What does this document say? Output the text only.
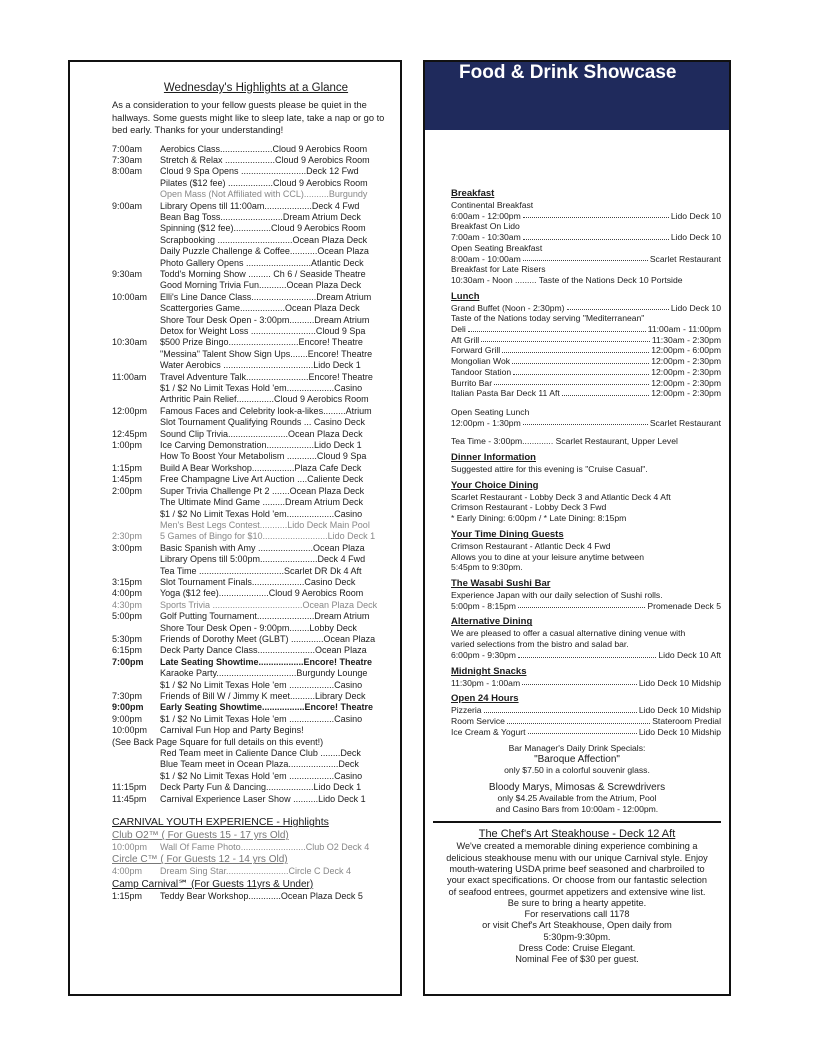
Wednesday's Highlights at a Glance
As a consideration to your fellow guests please be quiet in the hallways. Some guests might like to sleep late, take a nap or go to bed early. Thanks for your understanding!
7:00am	Aerobics Class.....................Cloud 9 Aerobics Room
7:30am	Stretch & Relax ....................Cloud 9 Aerobics Room
8:00am	Cloud 9 Spa Opens ..........................Deck 12 Fwd
Pilates ($12 fee) ..................Cloud 9 Aerobics Room
Open Mass (Not Affiliated with CCL)..........Burgundy
9:00am	Library Opens till 11:00am...................Deck 4 Fwd
Bean Bag Toss.........................Dream Atrium Deck
Spinning ($12 fee)...............Cloud 9 Aerobics Room
Scrapbooking ..............................Ocean Plaza Deck
Daily Puzzle Challenge & Coffee...........Ocean Plaza
Photo Gallery Opens ..........................Atlantic Deck
9:30am	Todd's Morning Show ......... Ch 6 / Seaside Theatre
Good Morning Trivia Fun...........Ocean Plaza Deck
10:00am	Elli's Line Dance Class..........................Dream Atrium
Scattergories Game..................Ocean Plaza Deck
Shore Tour Desk Open - 3:00pm..........Dream Atrium
Detox for Weight Loss ..........................Cloud 9 Spa
10:30am	$500 Prize Bingo............................Encore! Theatre
"Messina" Talent Show Sign Ups.......Encore! Theatre
Water Aerobics ....................................Lido Deck 1
11:00am	Travel Adventure Talk.........................Encore! Theatre
$1 / $2 No Limit Texas Hold 'em...................Casino
Arthritic Pain Relief...............Cloud 9 Aerobics Room
12:00pm	Famous Faces and Celebrity look-a-likes.........Atrium
Slot Tournament Qualifying Rounds ... Casino Deck
12:45pm	Sound Clip Trivia........................Ocean Plaza Deck
1:00pm	Ice Carving Demonstration...................Lido Deck 1
How To Boost Your Metabolism ............Cloud 9 Spa
1:15pm	Build A Bear Workshop.................Plaza Cafe Deck
1:45pm	Free Champagne Live Art Auction ....Caliente Deck
2:00pm	Super Trivia Challenge Pt 2 .......Ocean Plaza Deck
The Ultimate Mind Game .........Dream Atrium Deck
$1 / $2 No Limit Texas Hold 'em...................Casino
Men's Best Legs Contest...........Lido Deck Main Pool
2:30pm	5 Games of Bingo for $10..........................Lido Deck 1
3:00pm	Basic Spanish with Amy ......................Ocean Plaza
Library Opens till 5:00pm.......................Deck 4 Fwd
Tea Time ..................................Scarlet DR Dk 4 Aft
3:15pm	Slot Tournament Finals.....................Casino Deck
4:00pm	Yoga ($12 fee)....................Cloud 9 Aerobics Room
4:30pm	Sports Trivia ....................................Ocean Plaza Deck
5:00pm	Golf Putting Tournament.......................Dream Atrium
Shore Tour Desk Open - 9:00pm........Lobby Deck
5:30pm	Friends of Dorothy Meet (GLBT) .............Ocean Plaza
6:15pm	Deck Party Dance Class.......................Ocean Plaza
7:00pm	Late Seating Showtime..................Encore! Theatre
Karaoke Party................................Burgundy Lounge
$1 / $2 No Limit Texas Hole 'em ..................Casino
7:30pm	Friends of Bill W / Jimmy K meet..........Library Deck
9:00pm	Early Seating Showtime.................Encore! Theatre
9:00pm	$1 / $2 No Limit Texas Hole 'em ..................Casino
10:00pm	Carnival Fun Hop and Party Begins!
(See Back Page Square for full details on this event!)
Red Team meet in Caliente Dance Club ........Deck
Blue Team meet in Ocean Plaza....................Deck
$1 / $2 No Limit Texas Hold 'em ..................Casino
11:15pm	Deck Party Fun & Dancing...................Lido Deck 1
11:45pm	Carnival Experience Laser Show ..........Lido Deck 1
CARNIVAL YOUTH EXPERIENCE - Highlights
Club O2™ ( For Guests 15 - 17 yrs Old)
10:00pm	Wall Of Fame Photo..........................Club O2 Deck 4
Circle C™ ( For Guests 12 - 14 yrs Old)
4:00pm	Dream Sing Star.........................Circle C Deck 4
Camp Carnival℠ (For Guests 11yrs & Under)
1:15pm	Teddy Bear Workshop.............Ocean Plaza Deck 5
Food & Drink Showcase
Breakfast
Continental Breakfast
6:00am - 12:00pm	Lido Deck 10
Breakfast On Lido
7:00am - 10:30am	Lido Deck 10
Open Seating Breakfast
8:00am - 10:00am	Scarlet Restaurant
Breakfast for Late Risers
10:30am - Noon ......... Taste of the Nations Deck 10 Portside
Lunch
Grand Buffet (Noon - 2:30pm)	Lido Deck 10
Taste of the Nations today serving "Mediterranean"
Deli	11:00am - 11:00pm
Aft Grill	11:30am - 2:30pm
Forward Grill	12:00pm - 6:00pm
Mongolian Wok	12:00pm - 2:30pm
Tandoor Station	12:00pm - 2:30pm
Burrito Bar	12:00pm - 2:30pm
Italian Pasta Bar Deck 11 Aft	12:00pm - 2:30pm
Open Seating Lunch
12:00pm - 1:30pm	Scarlet Restaurant
Tea Time - 3:00pm............. Scarlet Restaurant, Upper Level
Dinner Information
Suggested attire for this evening is "Cruise Casual".
Your Choice Dining
Scarlet Restaurant - Lobby Deck 3 and Atlantic Deck 4 Aft
Crimson Restaurant - Lobby Deck 3 Fwd
* Early Dining: 6:00pm / * Late Dining: 8:15pm
Your Time Dining Guests
Crimson Restaurant - Atlantic Deck 4 Fwd
Allows you to dine at your leisure anytime between
5:45pm to 9:30pm.
The Wasabi Sushi Bar
Experience Japan with our daily selection of Sushi rolls.
5:00pm - 8:15pm	Promenade Deck 5
Alternative Dining
We are pleased to offer a casual alternative dining venue with
varied selections from the bistro and salad bar.
6:00pm - 9:30pm	Lido Deck 10 Aft
Midnight Snacks
11:30pm - 1:00am	Lido Deck 10 Midship
Open 24 Hours
Pizzeria	Lido Deck 10 Midship
Room Service	Stateroom Predial
Ice Cream & Yogurt	Lido Deck 10 Midship
Bar Manager's Daily Drink Specials:
"Baroque Affection"
only $7.50 in a colorful souvenir glass.
Bloody Marys, Mimosas & Screwdrivers
only $4.25 Available from the Atrium, Pool
and Casino Bars from 10:00am - 12:00pm.
The Chef's Art Steakhouse - Deck 12 Aft
We've created a memorable dining experience combining a delicious steakhouse menu with our unique Carnival style. Enjoy mouth-watering USDA prime beef seasoned and charbroiled to your exact specifications. Or choose from our fantastic selection of seafood entrees, gourmet appetizers and extensive wine list. Be sure to bring a hearty appetite.
For reservations call 1178
or visit Chef's Art Steakhouse, Open daily from
5:30pm-9:30pm.
Dress Code: Cruise Elegant.
Nominal Fee of $30 per guest.
